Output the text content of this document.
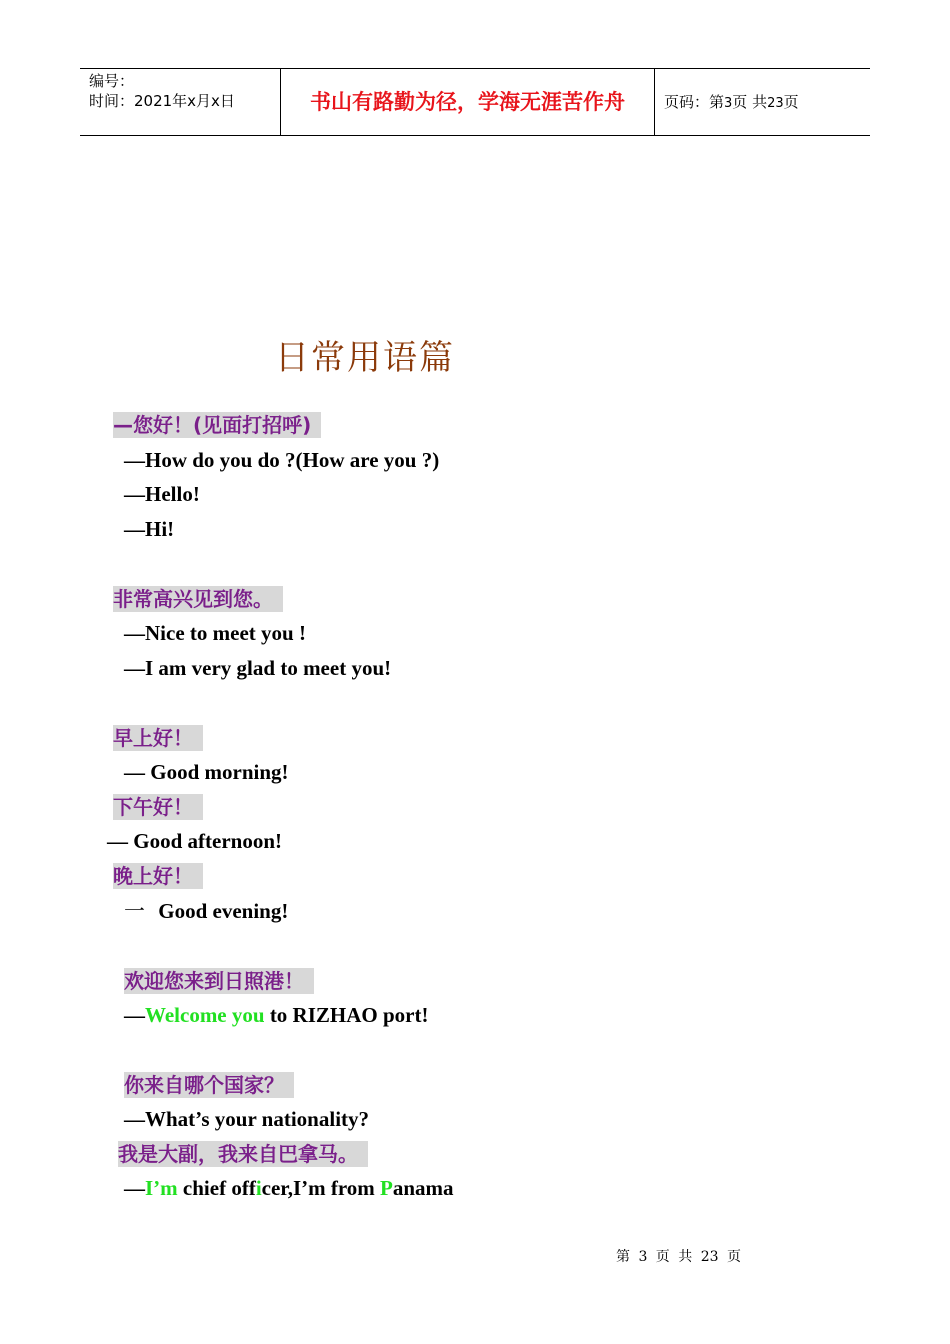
编号：
时间：2021年x月x日	书山有路勤为径，学海无涯苦作舟	页码：第3页 共23页
日常用语篇
—您好！(见面打招呼)
—How do you do ?(How are you ?)
—Hello!
—Hi!
非常高兴见到您。
—Nice to meet you !
—I am very glad to meet you!
早上好！
— Good morning!
下午好！
— Good afternoon!
晚上好！
一 Good evening!
欢迎您来到日照港！
—Welcome you to RIZHAO port!
你来自哪个国家？
—What’s your nationality?
我是大副，我来自巴拿马。
—I’m chief officer,I’m from Panama
第 3 页 共 23 页
